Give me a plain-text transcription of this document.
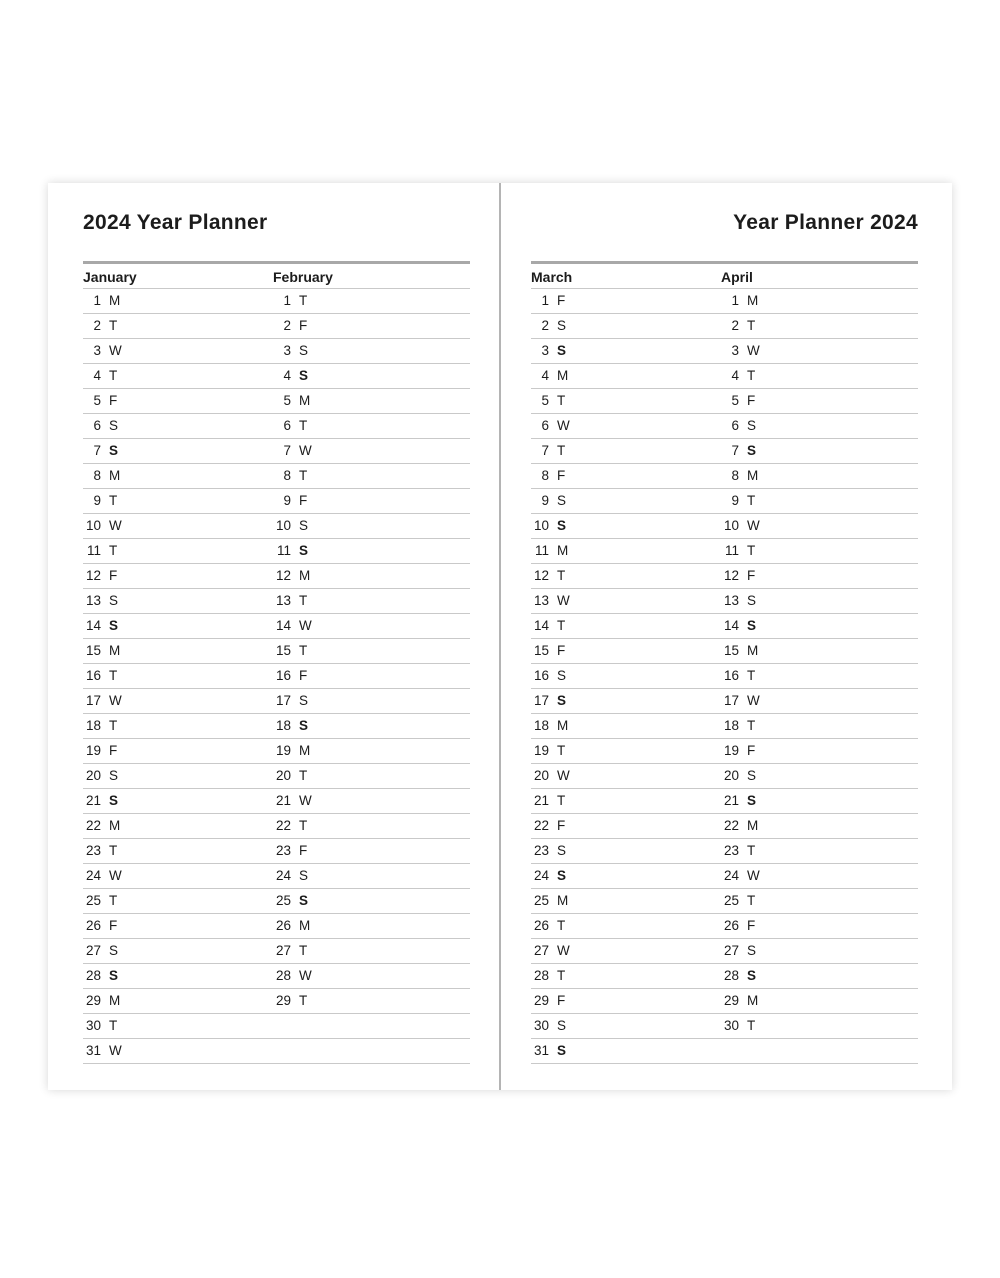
2024 Year Planner
January	February
1 M	1 T
2 T	2 F
3 W	3 S
4 T	4 S
5 F	5 M
6 S	6 T
7 S	7 W
8 M	8 T
9 T	9 F
10 W	10 S
11 T	11 S
12 F	12 M
13 S	13 T
14 S	14 W
15 M	15 T
16 T	16 F
17 W	17 S
18 T	18 S
19 F	19 M
20 S	20 T
21 S	21 W
22 M	22 T
23 T	23 F
24 W	24 S
25 T	25 S
26 F	26 M
27 S	27 T
28 S	28 W
29 M	29 T
30 T
31 W
Year Planner 2024
March	April
1 F	1 M
2 S	2 T
3 S	3 W
4 M	4 T
5 T	5 F
6 W	6 S
7 T	7 S
8 F	8 M
9 S	9 T
10 S	10 W
11 M	11 T
12 T	12 F
13 W	13 S
14 T	14 S
15 F	15 M
16 S	16 T
17 S	17 W
18 M	18 T
19 T	19 F
20 W	20 S
21 T	21 S
22 F	22 M
23 S	23 T
24 S	24 W
25 M	25 T
26 T	26 F
27 W	27 S
28 T	28 S
29 F	29 M
30 S	30 T
31 S
